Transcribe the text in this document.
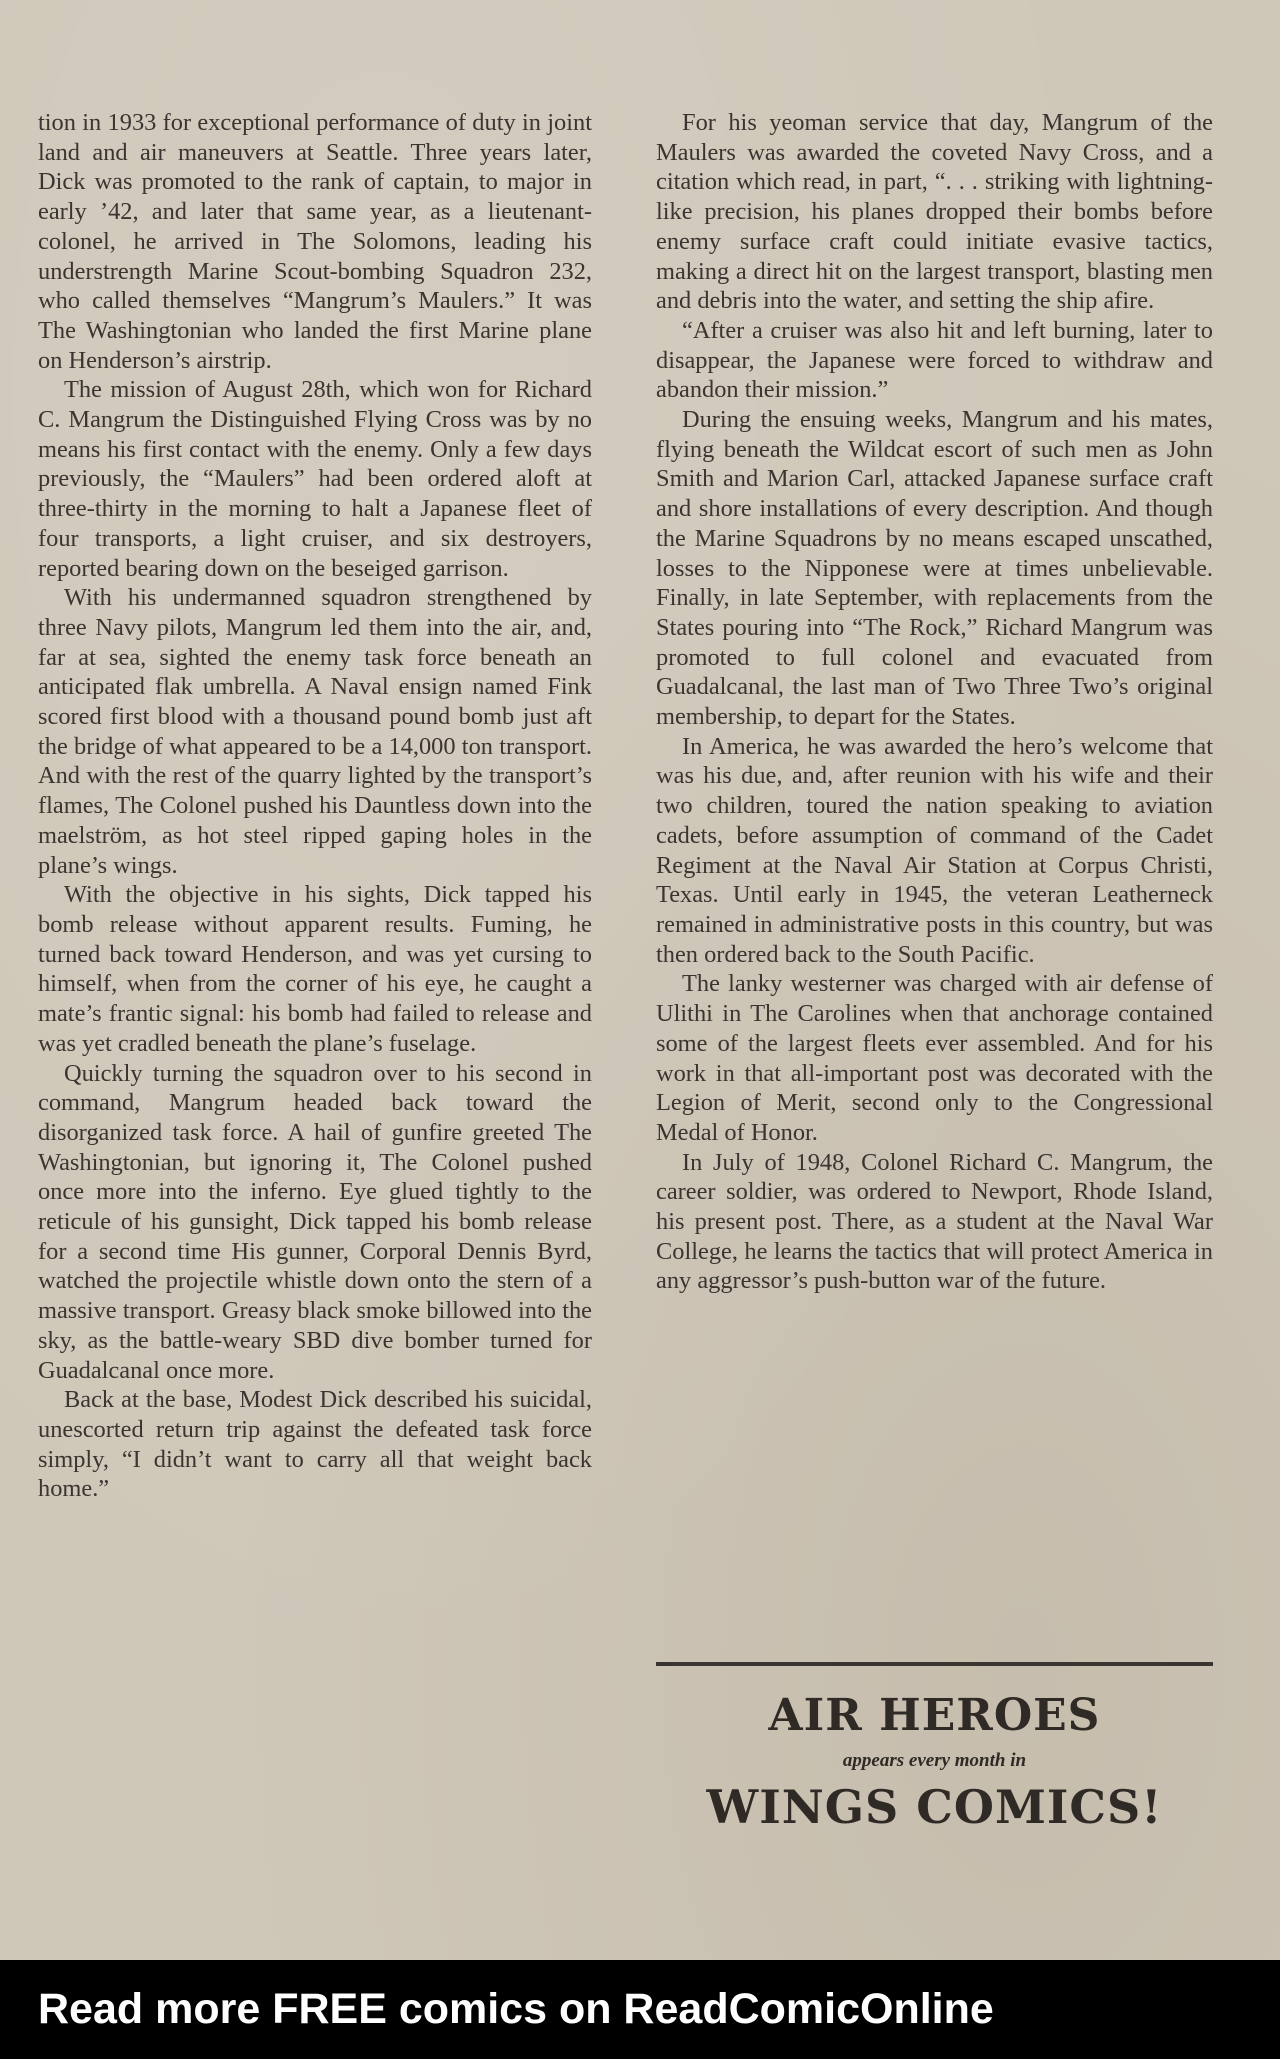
tion in 1933 for exceptional performance of duty in joint land and air maneuvers at Seattle. Three years later, Dick was promoted to the rank of captain, to major in early ’42, and later that same year, as a lieutenant-colonel, he arrived in The Solomons, leading his understrength Marine Scout-bombing Squadron 232, who called themselves “Mangrum’s Maulers.” It was The Washingtonian who landed the first Marine plane on Henderson’s airstrip.

The mission of August 28th, which won for Richard C. Mangrum the Distinguished Flying Cross was by no means his first contact with the enemy. Only a few days previously, the “Maulers” had been ordered aloft at three-thirty in the morning to halt a Japanese fleet of four transports, a light cruiser, and six destroyers, reported bearing down on the beseiged garrison.

With his undermanned squadron strengthened by three Navy pilots, Mangrum led them into the air, and, far at sea, sighted the enemy task force beneath an anticipated flak umbrella. A Naval ensign named Fink scored first blood with a thousand pound bomb just aft the bridge of what appeared to be a 14,000 ton transport. And with the rest of the quarry lighted by the transport’s flames, The Colonel pushed his Dauntless down into the maelström, as hot steel ripped gaping holes in the plane’s wings.

With the objective in his sights, Dick tapped his bomb release without apparent results. Fuming, he turned back toward Henderson, and was yet cursing to himself, when from the corner of his eye, he caught a mate’s frantic signal: his bomb had failed to release and was yet cradled beneath the plane’s fuselage.

Quickly turning the squadron over to his second in command, Mangrum headed back toward the disorganized task force. A hail of gunfire greeted The Washingtonian, but ignoring it, The Colonel pushed once more into the inferno. Eye glued tightly to the reticule of his gunsight, Dick tapped his bomb release for a second time His gunner, Corporal Dennis Byrd, watched the projectile whistle down onto the stern of a massive transport. Greasy black smoke billowed into the sky, as the battle-weary SBD dive bomber turned for Guadalcanal once more.

Back at the base, Modest Dick described his suicidal, unescorted return trip against the defeated task force simply, “I didn’t want to carry all that weight back home.”

For his yeoman service that day, Mangrum of the Maulers was awarded the coveted Navy Cross, and a citation which read, in part, “. . . striking with lightning-like precision, his planes dropped their bombs before enemy surface craft could initiate evasive tactics, making a direct hit on the largest transport, blasting men and debris into the water, and setting the ship afire.

“After a cruiser was also hit and left burning, later to disappear, the Japanese were forced to withdraw and abandon their mission.”

During the ensuing weeks, Mangrum and his mates, flying beneath the Wildcat escort of such men as John Smith and Marion Carl, attacked Japanese surface craft and shore installations of every description. And though the Marine Squadrons by no means escaped unscathed, losses to the Nipponese were at times unbelievable. Finally, in late September, with replacements from the States pouring into “The Rock,” Richard Mangrum was promoted to full colonel and evacuated from Guadalcanal, the last man of Two Three Two’s original membership, to depart for the States.

In America, he was awarded the hero’s welcome that was his due, and, after reunion with his wife and their two children, toured the nation speaking to aviation cadets, before assumption of command of the Cadet Regiment at the Naval Air Station at Corpus Christi, Texas. Until early in 1945, the veteran Leatherneck remained in administrative posts in this country, but was then ordered back to the South Pacific.

The lanky westerner was charged with air defense of Ulithi in The Carolines when that anchorage contained some of the largest fleets ever assembled. And for his work in that all-important post was decorated with the Legion of Merit, second only to the Congressional Medal of Honor.

In July of 1948, Colonel Richard C. Mangrum, the career soldier, was ordered to Newport, Rhode Island, his present post. There, as a student at the Naval War College, he learns the tactics that will protect America in any aggressor’s push-button war of the future.

AIR HEROES
appears every month in
WINGS COMICS!
Read more FREE comics on ReadComicOnline
